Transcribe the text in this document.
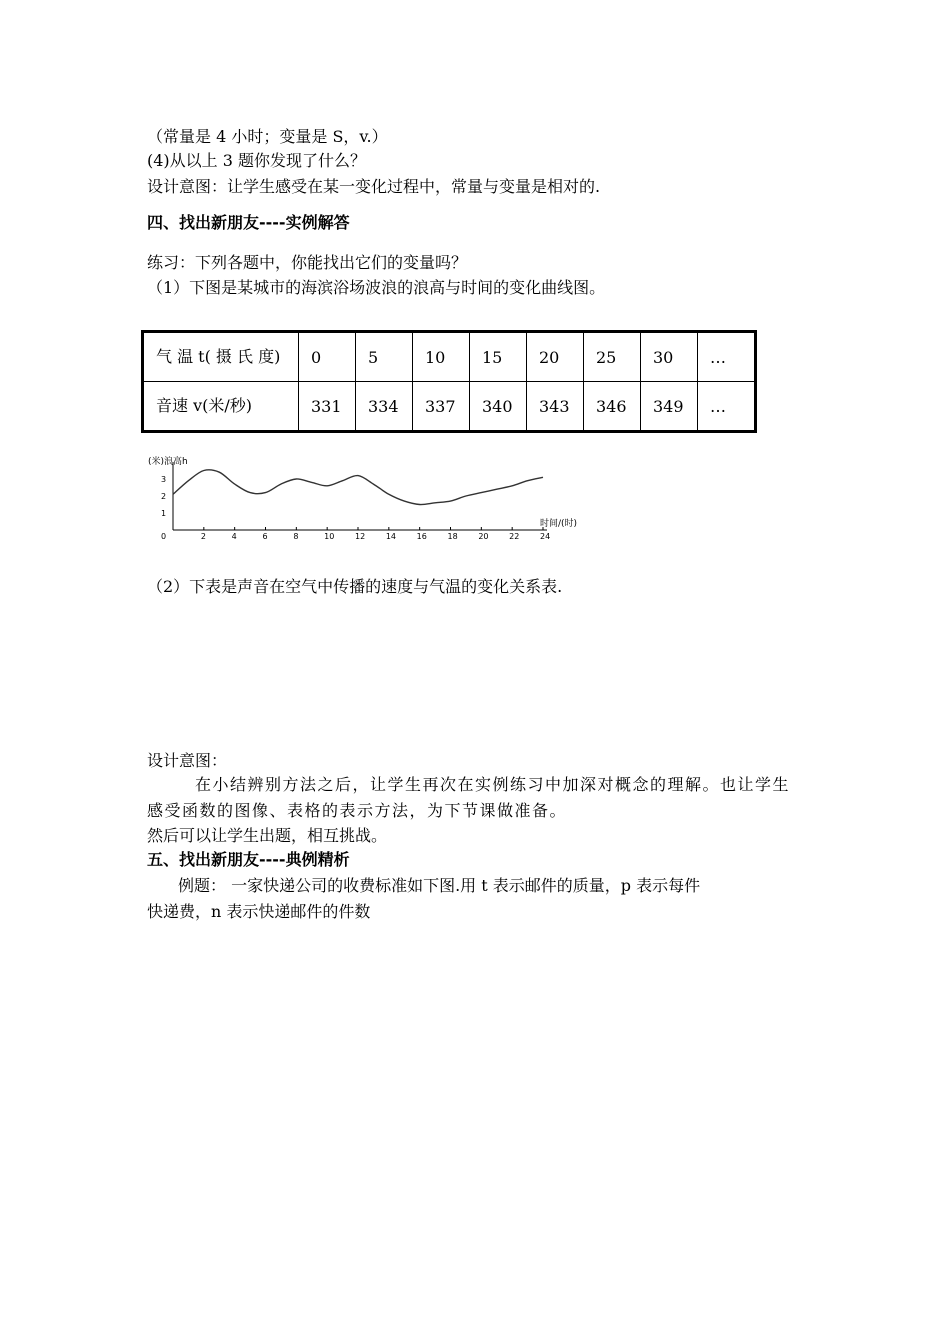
（常量是 4 小时；变量是 S，v.）
(4)从以上 3 题你发现了什么？
设计意图：让学生感受在某一变化过程中，常量与变量是相对的.
四、找出新朋友----实例解答
练习：下列各题中，你能找出它们的变量吗？
（1）下图是某城市的海滨浴场波浪的浪高与时间的变化曲线图。
气 温 t( 摄 氏 度)	0	5	10	15	20	25	30	…
音速 v(米/秒)	331	334	337	340	343	346	349	…
(米)浪高h
时间/(时)
0	2	4	6	8	10	12	14	16	18	20	22	24
1
2
3
（2）下表是声音在空气中传播的速度与气温的变化关系表.
设计意图：
在小结辨别方法之后，让学生再次在实例练习中加深对概念的理解。也让学生感受函数的图像、表格的表示方法，为下节课做准备。
然后可以让学生出题，相互挑战。
五、找出新朋友----典例精析
例题： 一家快递公司的收费标准如下图.用 t 表示邮件的质量，p 表示每件
快递费，n 表示快递邮件的件数
